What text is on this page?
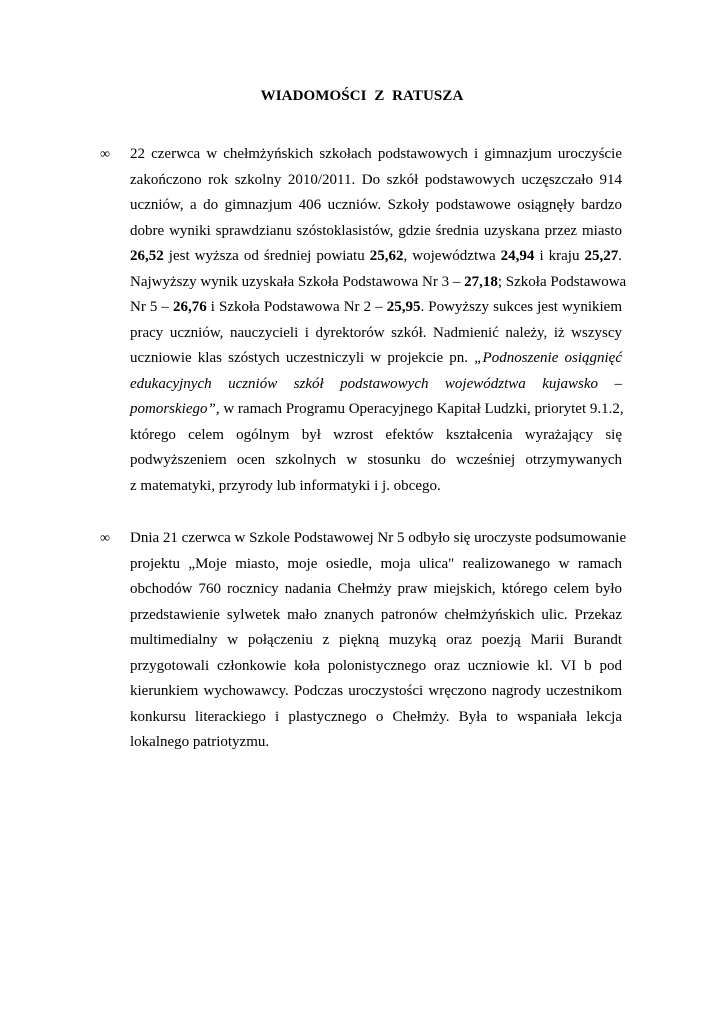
WIADOMOŚCI  Z  RATUSZA
∞ 22 czerwca w chełmżyńskich szkołach podstawowych i gimnazjum uroczyście
zakończono rok szkolny 2010/2011. Do szkół podstawowych uczęszczało 914
uczniów, a do gimnazjum 406 uczniów. Szkoły podstawowe osiągnęły bardzo
dobre wyniki sprawdzianu szóstoklasistów, gdzie średnia uzyskana przez miasto
26,52 jest wyższa od średniej powiatu 25,62, województwa 24,94 i kraju 25,27.
Najwyższy wynik uzyskała Szkoła Podstawowa Nr 3 – 27,18; Szkoła Podstawowa
Nr 5 – 26,76 i Szkoła Podstawowa Nr 2 – 25,95. Powyższy sukces jest wynikiem
pracy uczniów, nauczycieli i dyrektorów szkół. Nadmienić należy, iż wszyscy
uczniowie klas szóstych uczestniczyli w projekcie pn. „Podnoszenie osiągnięć
edukacyjnych uczniów szkół podstawowych województwa kujawsko –
pomorskiego”, w ramach Programu Operacyjnego Kapitał Ludzki, priorytet 9.1.2,
którego celem ogólnym był wzrost efektów kształcenia wyrażający się
podwyższeniem ocen szkolnych w stosunku do wcześniej otrzymywanych
z matematyki, przyrody lub informatyki i j. obcego.
∞ Dnia 21 czerwca w Szkole Podstawowej Nr 5 odbyło się uroczyste podsumowanie
projektu „Moje miasto, moje osiedle, moja ulica" realizowanego w ramach
obchodów 760 rocznicy nadania Chełmży praw miejskich, którego celem było
przedstawienie sylwetek mało znanych patronów chełmżyńskich ulic. Przekaz
multimedialny w połączeniu z piękną muzyką oraz poezją Marii Burandt
przygotowali członkowie koła polonistycznego oraz uczniowie kl. VI b pod
kierunkiem wychowawcy. Podczas uroczystości wręczono nagrody uczestnikom
konkursu literackiego i plastycznego o Chełmży. Była to wspaniała lekcja
lokalnego patriotyzmu.
